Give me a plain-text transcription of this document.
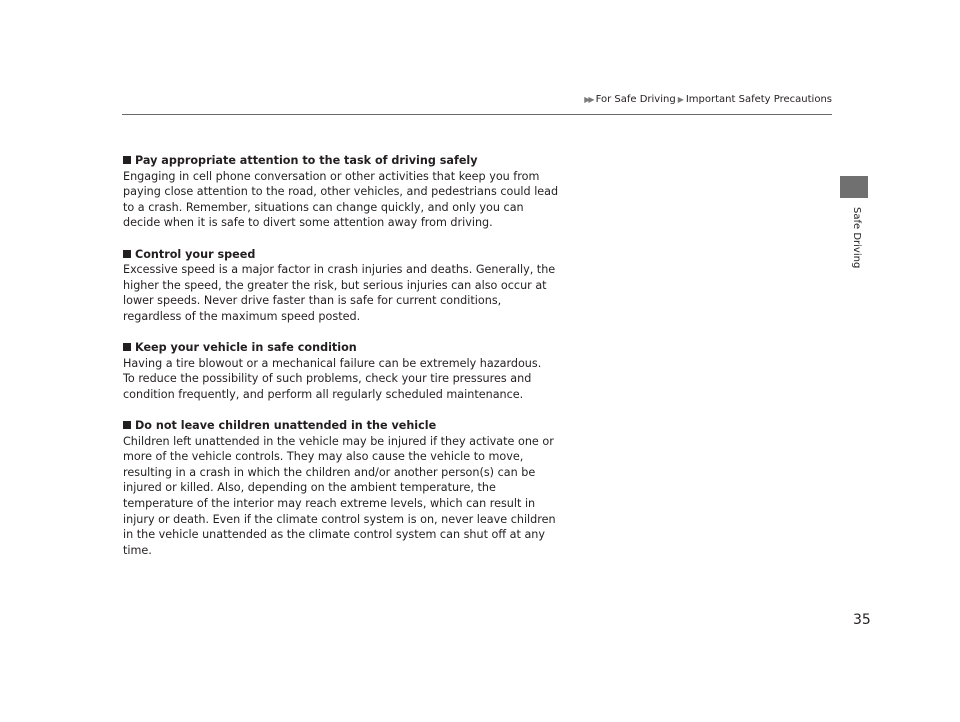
▶▶ For Safe Driving ▶ Important Safety Precautions
Safe Driving
Pay appropriate attention to the task of driving safely

Engaging in cell phone conversation or other activities that keep you from paying close attention to the road, other vehicles, and pedestrians could lead to a crash. Remember, situations can change quickly, and only you can decide when it is safe to divert some attention away from driving.

Control your speed

Excessive speed is a major factor in crash injuries and deaths. Generally, the higher the speed, the greater the risk, but serious injuries can also occur at lower speeds. Never drive faster than is safe for current conditions, regardless of the maximum speed posted.

Keep your vehicle in safe condition

Having a tire blowout or a mechanical failure can be extremely hazardous.

To reduce the possibility of such problems, check your tire pressures and condition frequently, and perform all regularly scheduled maintenance.

Do not leave children unattended in the vehicle

Children left unattended in the vehicle may be injured if they activate one or more of the vehicle controls. They may also cause the vehicle to move, resulting in a crash in which the children and/or another person(s) can be injured or killed. Also, depending on the ambient temperature, the temperature of the interior may reach extreme levels, which can result in injury or death. Even if the climate control system is on, never leave children in the vehicle unattended as the climate control system can shut off at any time.

35
